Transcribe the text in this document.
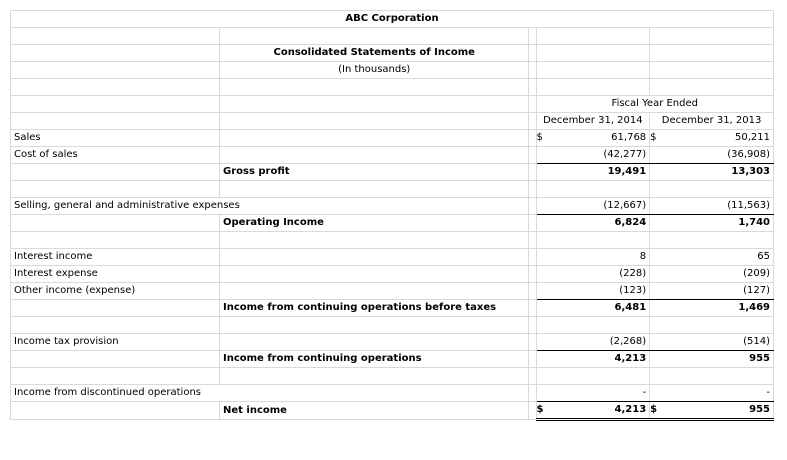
ABC Corporation				

	Consolidated Statements of Income			
	(In thousands)			

			Fiscal Year Ended	
			December 31, 2014	December 31, 2013
Sales			$ 61,768	$ 50,211
Cost of sales			(42,277)	(36,908)
	Gross profit		19,491	13,303

Selling, general and administrative expenses			(12,667)	(11,563)
	Operating Income		6,824	1,740

Interest income			8	65
Interest expense			(228)	(209)
Other income (expense)			(123)	(127)
	Income from continuing operations before taxes		6,481	1,469

Income tax provision			(2,268)	(514)
	Income from continuing operations		4,213	955

Income from discontinued operations			-	-
	Net income		$ 4,213	$ 955
